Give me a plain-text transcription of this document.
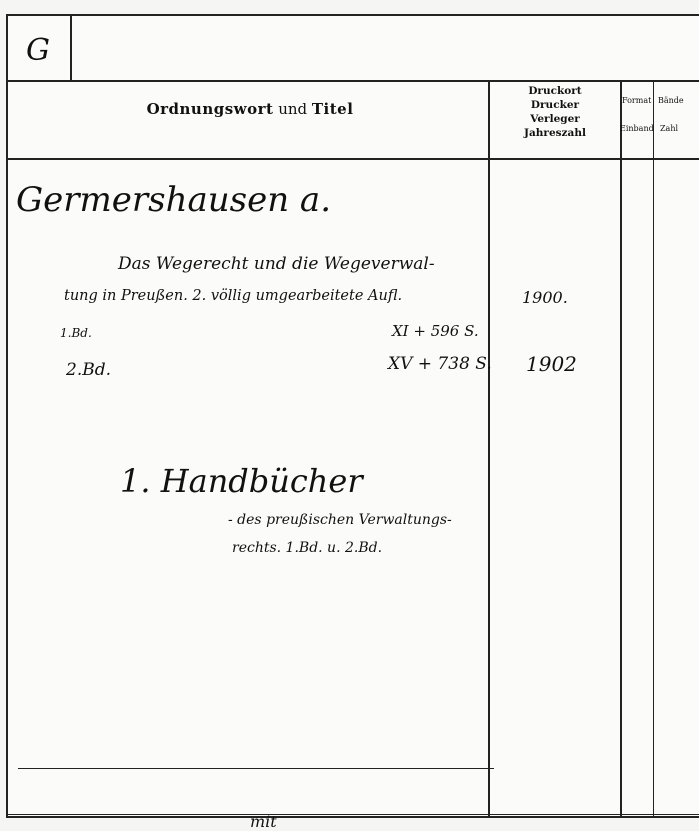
G
Ordnungswort und Titel
Druckort
Drucker
Verleger
Jahreszahl
Format
Einband
Bände
Zahl
Germershausen a.
Das Wegerecht und die Wegeverwal-
tung in Preußen. 2. völlig umgearbeitete Aufl.	1900.
1.Bd.	XI + 596 S.
2.Bd.	XV + 738 S. 1902
1. Handbücher
- des preußischen Verwaltungs-
rechts. 1.Bd. u. 2.Bd.
mit
